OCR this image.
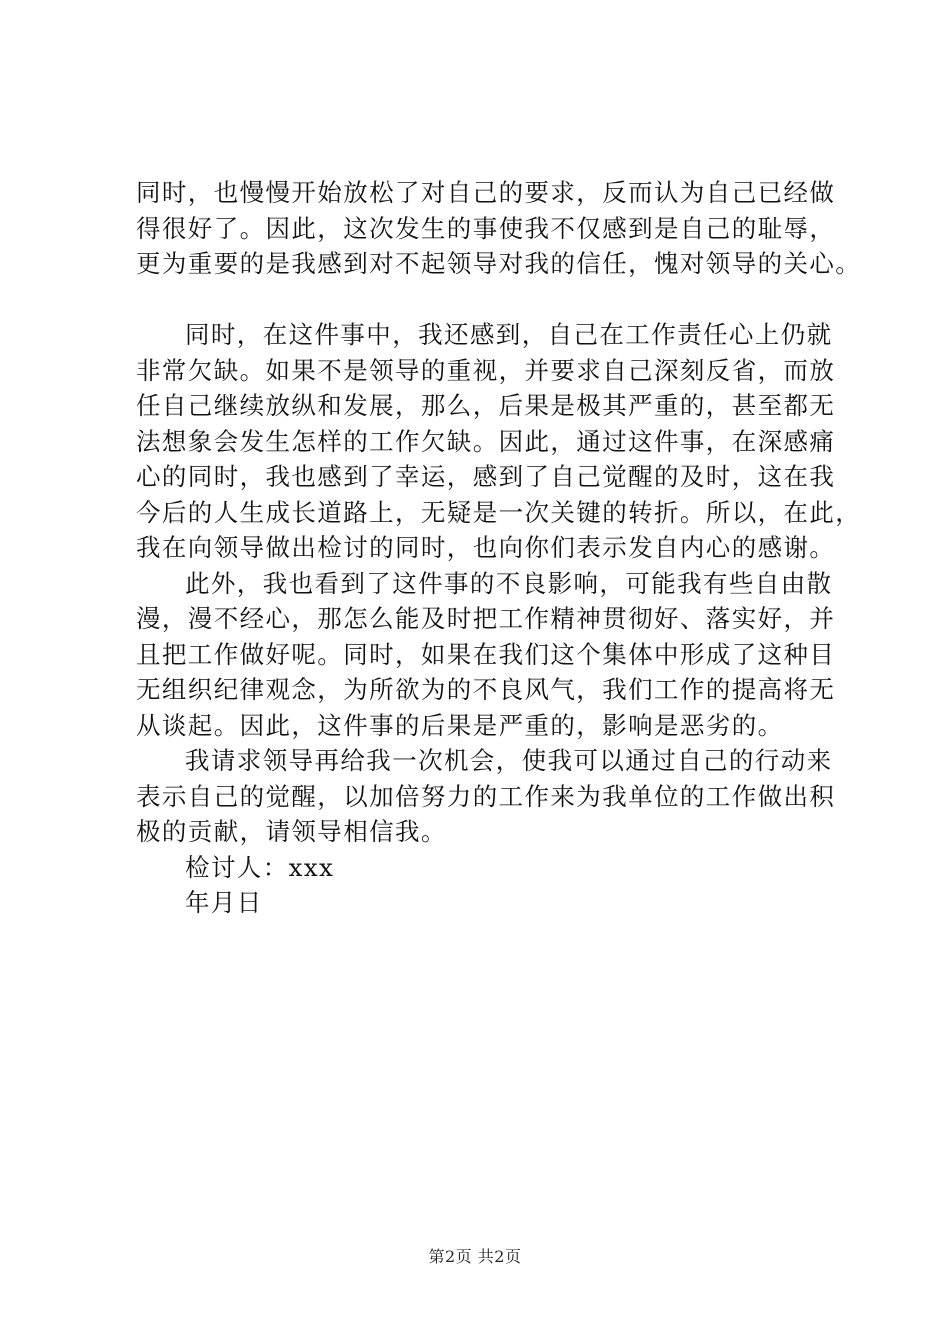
同时，也慢慢开始放松了对自己的要求，反而认为自己已经做
得很好了。因此，这次发生的事使我不仅感到是自己的耻辱，
更为重要的是我感到对不起领导对我的信任，愧对领导的关心。
同时，在这件事中，我还感到，自己在工作责任心上仍就
非常欠缺。如果不是领导的重视，并要求自己深刻反省，而放
任自己继续放纵和发展，那么，后果是极其严重的，甚至都无
法想象会发生怎样的工作欠缺。因此，通过这件事，在深感痛
心的同时，我也感到了幸运，感到了自己觉醒的及时，这在我
今后的人生成长道路上，无疑是一次关键的转折。所以，在此，
我在向领导做出检讨的同时，也向你们表示发自内心的感谢。
此外，我也看到了这件事的不良影响，可能我有些自由散
漫，漫不经心，那怎么能及时把工作精神贯彻好、落实好，并
且把工作做好呢。同时，如果在我们这个集体中形成了这种目
无组织纪律观念，为所欲为的不良风气，我们工作的提高将无
从谈起。因此，这件事的后果是严重的，影响是恶劣的。
我请求领导再给我一次机会，使我可以通过自己的行动来
表示自己的觉醒，以加倍努力的工作来为我单位的工作做出积
极的贡献，请领导相信我。
检讨人：xxx
年月日
第2页 共2页
